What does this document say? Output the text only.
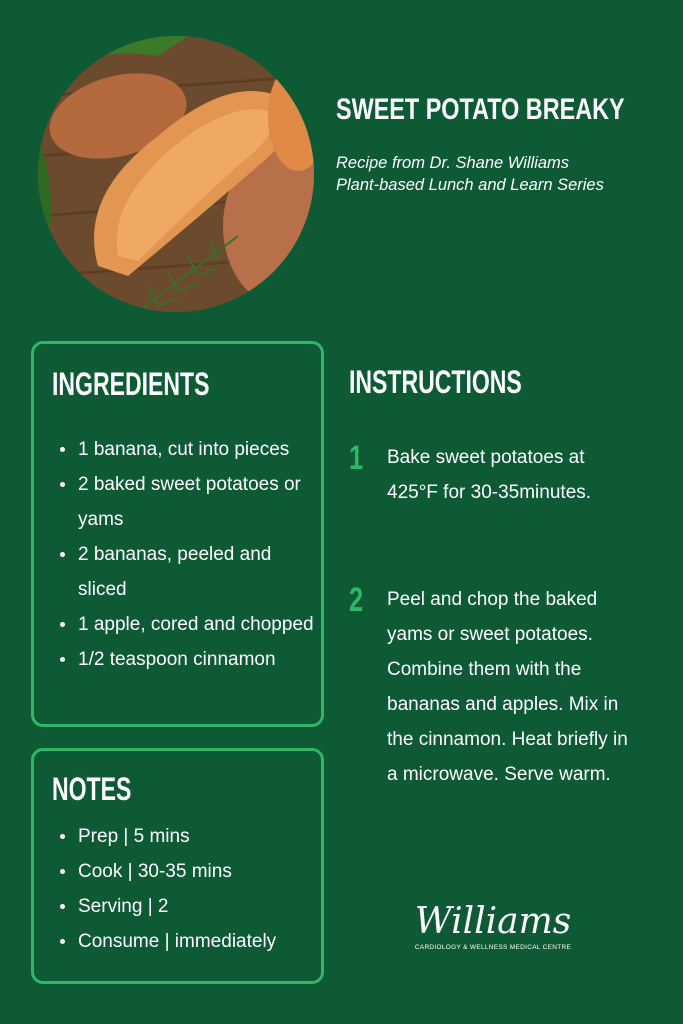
SWEET POTATO BREAKY
Recipe from Dr. Shane Williams
Plant-based Lunch and Learn Series
INGREDIENTS
1 banana, cut into pieces
2 baked sweet potatoes or yams
2 bananas, peeled and sliced
1 apple, cored and chopped
1/2 teaspoon cinnamon
NOTES
Prep | 5 mins
Cook | 30-35 mins
Serving | 2
Consume | immediately
INSTRUCTIONS
1 Bake sweet potatoes at 425°F for 30-35minutes.
2 Peel and chop the baked yams or sweet potatoes. Combine them with the bananas and apples. Mix in the cinnamon. Heat briefly in a microwave. Serve warm.
Williams
CARDIOLOGY & WELLNESS MEDICAL CENTRE
